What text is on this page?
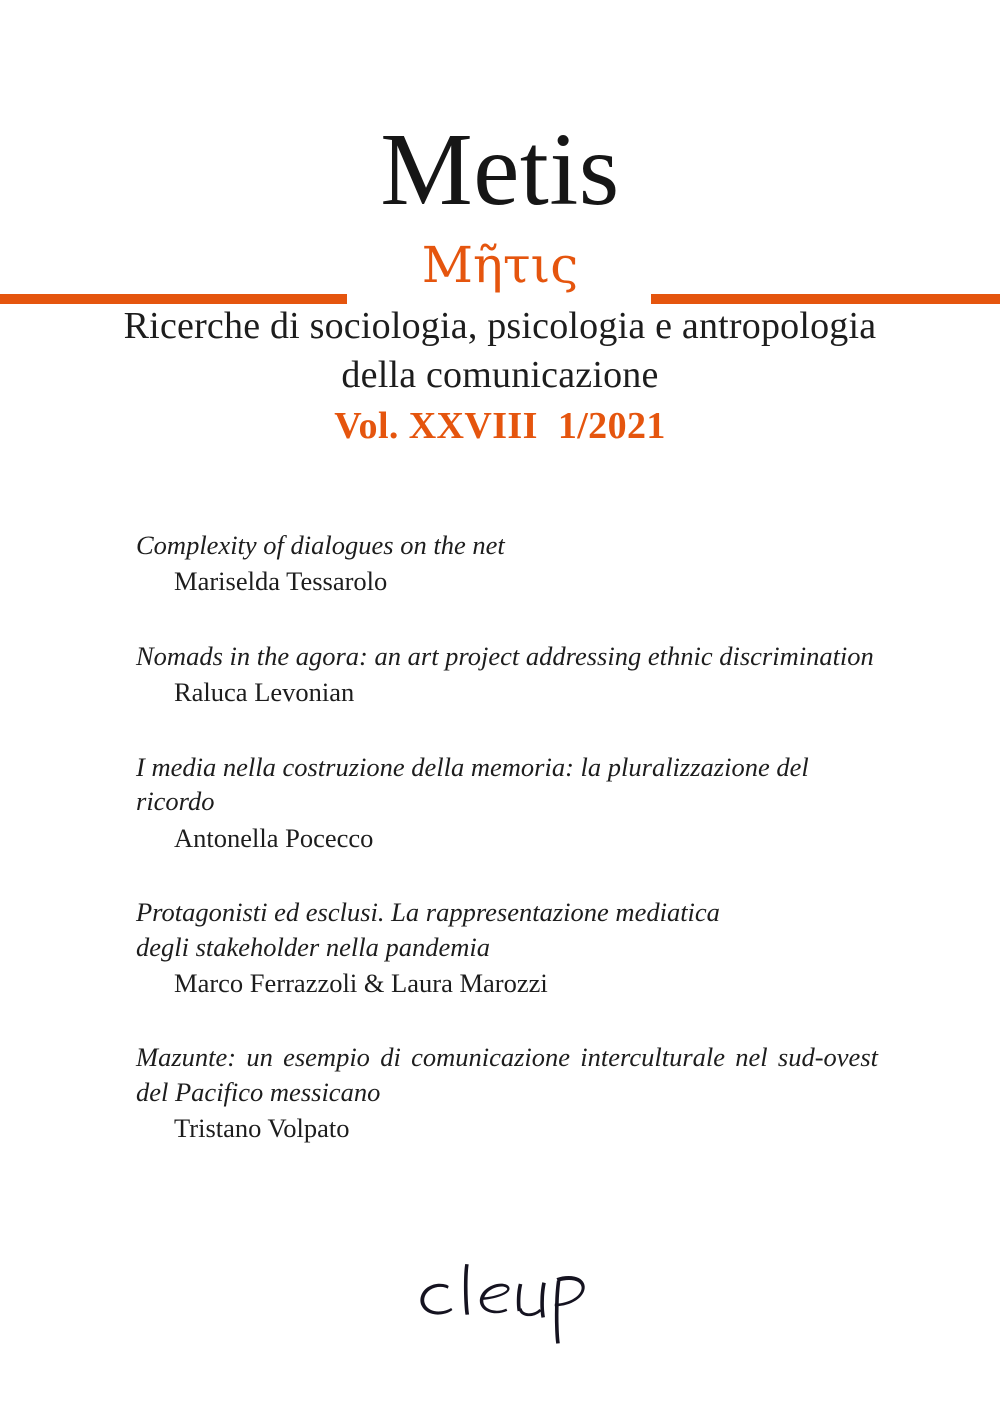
Metis
Μῆτις
Ricerche di sociologia, psicologia e antropologia
della comunicazione
Vol. XXVIII 1/2021
Complexity of dialogues on the net
Mariselda Tessarolo
Nomads in the agora: an art project addressing ethnic discrimination
Raluca Levonian
I media nella costruzione della memoria: la pluralizzazione del ricordo
Antonella Pocecco
Protagonisti ed esclusi. La rappresentazione mediatica
degli stakeholder nella pandemia
Marco Ferrazzoli & Laura Marozzi
Mazunte: un esempio di comunicazione interculturale nel sud-ovest
del Pacifico messicano
Tristano Volpato
